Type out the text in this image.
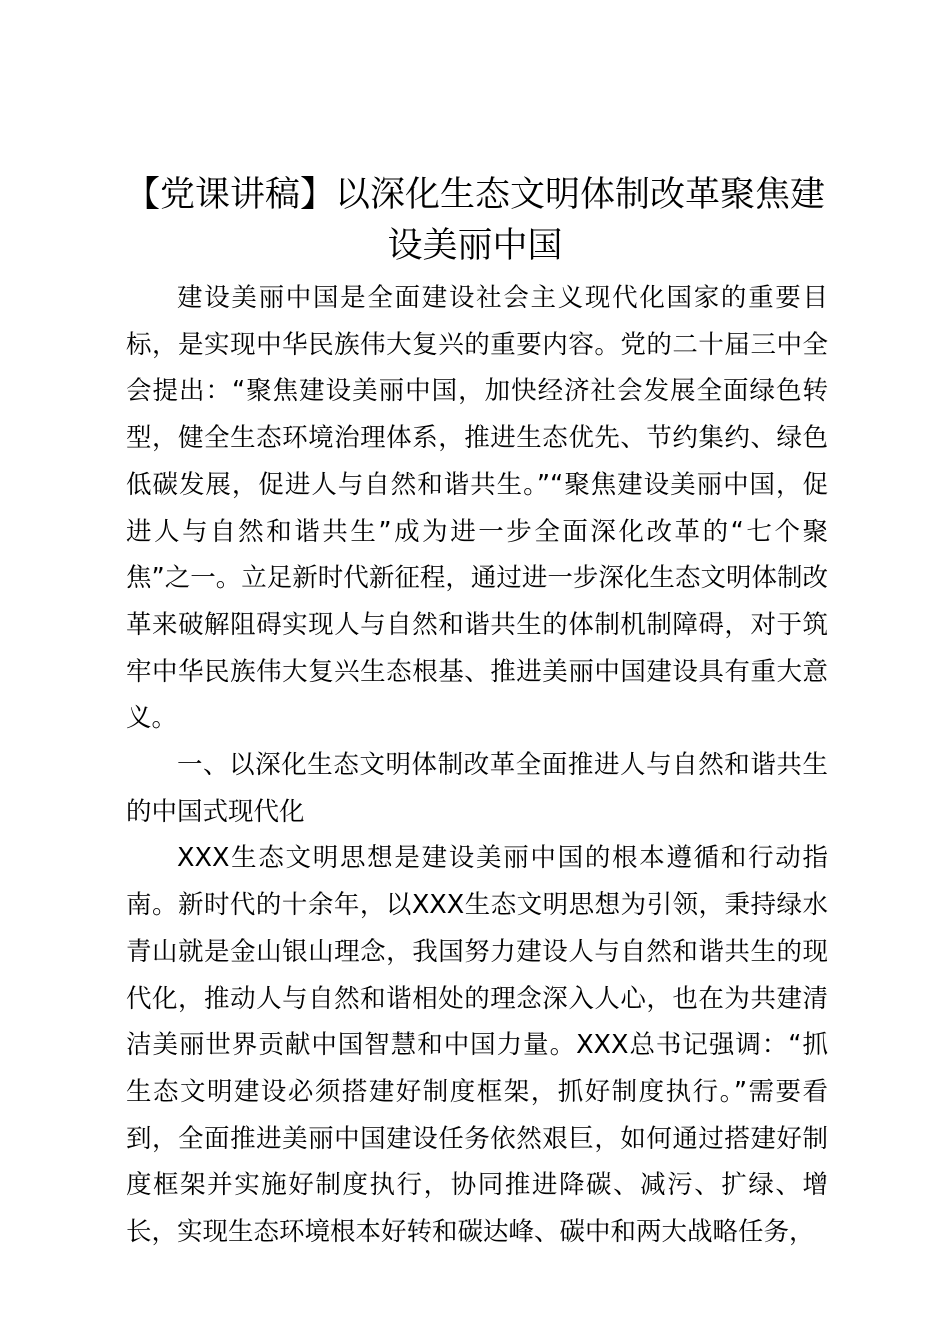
【党课讲稿】以深化生态文明体制改革聚焦建设美丽中国

建设美丽中国是全面建设社会主义现代化国家的重要目标，是实现中华民族伟大复兴的重要内容。党的二十届三中全会提出：“聚焦建设美丽中国，加快经济社会发展全面绿色转型，健全生态环境治理体系，推进生态优先、节约集约、绿色低碳发展，促进人与自然和谐共生。”“聚焦建设美丽中国，促进人与自然和谐共生”成为进一步全面深化改革的“七个聚焦”之一。立足新时代新征程，通过进一步深化生态文明体制改革来破解阻碍实现人与自然和谐共生的体制机制障碍，对于筑牢中华民族伟大复兴生态根基、推进美丽中国建设具有重大意义。

一、以深化生态文明体制改革全面推进人与自然和谐共生的中国式现代化

XXX生态文明思想是建设美丽中国的根本遵循和行动指南。新时代的十余年，以XXX生态文明思想为引领，秉持绿水青山就是金山银山理念，我国努力建设人与自然和谐共生的现代化，推动人与自然和谐相处的理念深入人心，也在为共建清洁美丽世界贡献中国智慧和中国力量。XXX总书记强调：“抓生态文明建设必须搭建好制度框架，抓好制度执行。”需要看到，全面推进美丽中国建设任务依然艰巨，如何通过搭建好制度框架并实施好制度执行，协同推进降碳、减污、扩绿、增长，实现生态环境根本好转和碳达峰、碳中和两大战略任务，
